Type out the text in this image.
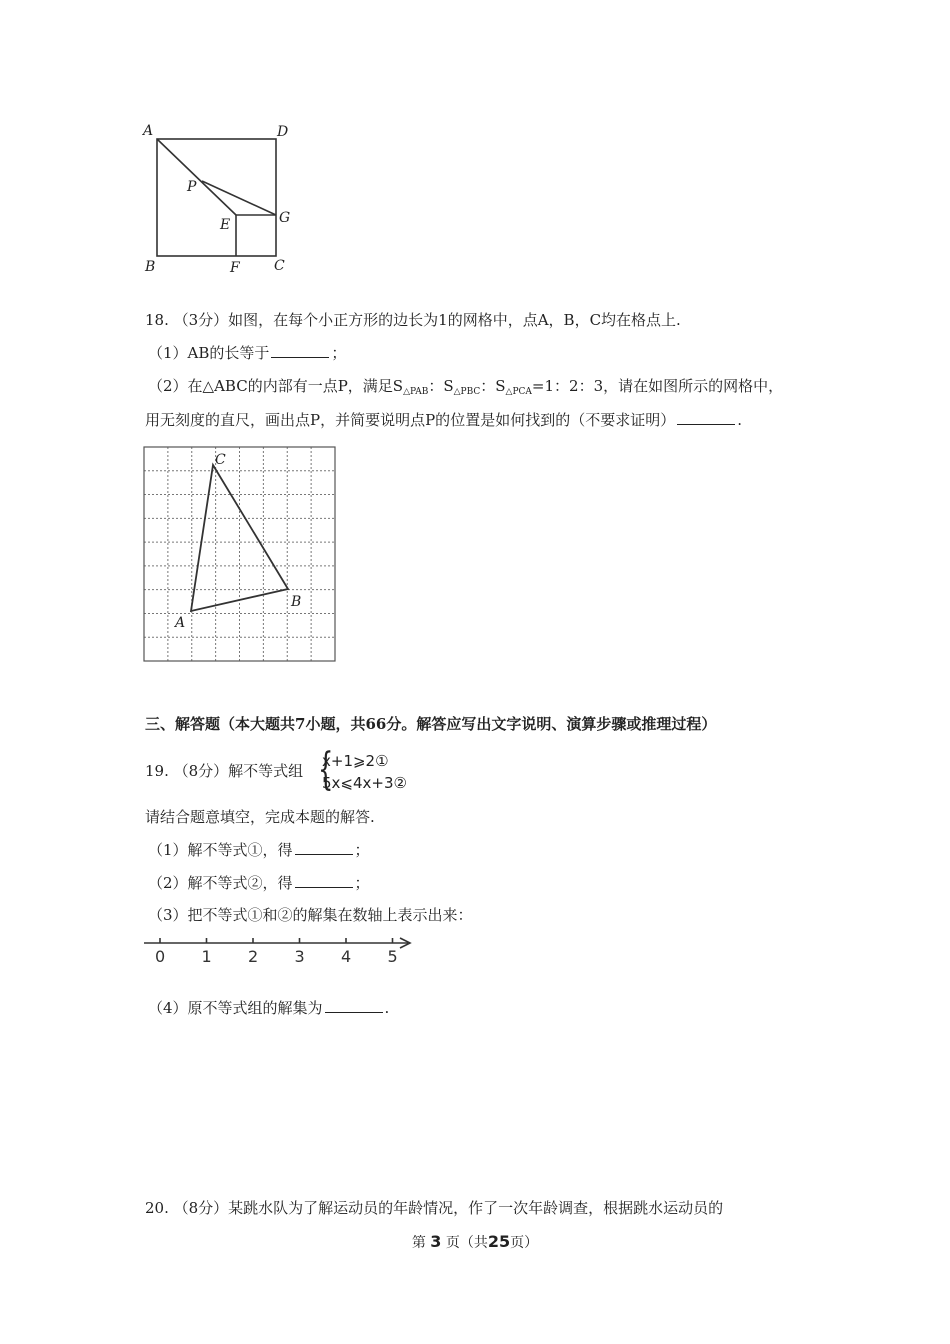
A	D
P
E	G
B	F C
18. （3分）如图，在每个小正方形的边长为1的网格中，点A，B，C均在格点上.
（1）AB的长等于	；
（2）在△ABC的内部有一点P，满足$S_{\triangle PAB}$：$S_{\triangle PBC}$：$S_{\triangle PCA}=1$：2：3，请在如图所示的网格中，
用无刻度的直尺，画出点P，并简要说明点P的位置是如何找到的（不要求证明）	.
C
B
A
三、解答题（本大题共7小题，共66分。解答应写出文字说明、演算步骤或推理过程）
19. （8分）解不等式组 {
x+1⩾2①
5x⩽4x+3②
请结合题意填空，完成本题的解答.
（1）解不等式①，得	；
（2）解不等式②，得	；
（3）把不等式①和②的解集在数轴上表示出来：
0 1 2 3 4 5
（4）原不等式组的解集为	.
20. （8分）某跳水队为了解运动员的年龄情况，作了一次年龄调查，根据跳水运动员的
第 3 页（共25页）
